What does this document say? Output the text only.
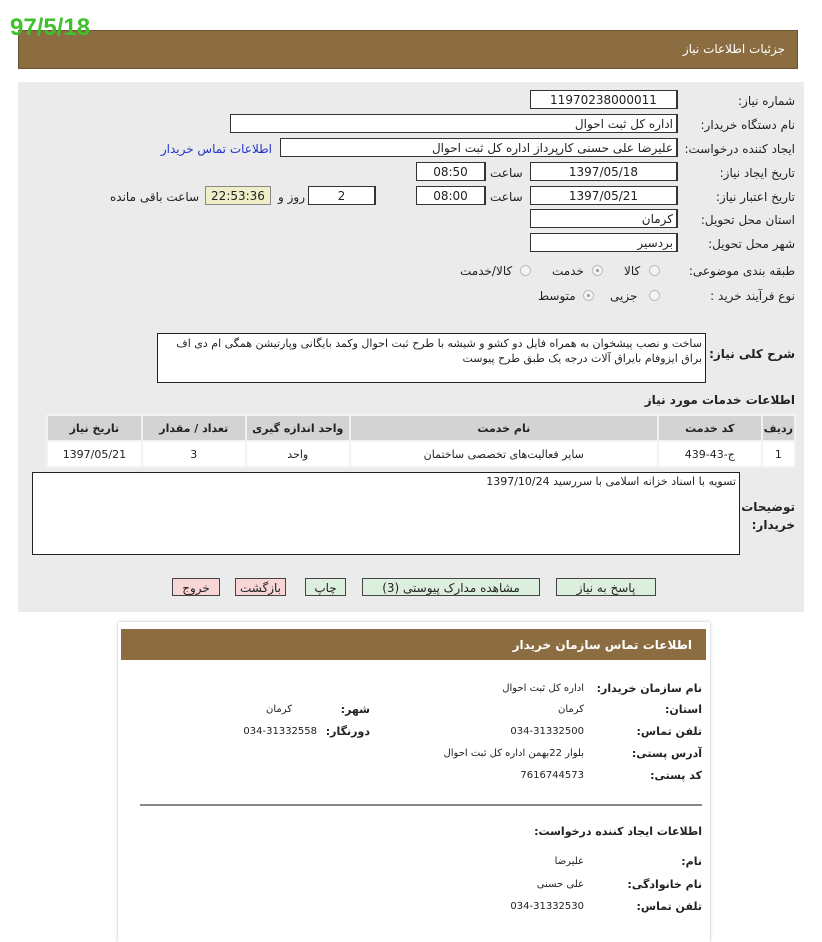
جزئیات اطلاعات نیاز
97/5/18
شماره نیاز:
11970238000011
نام دستگاه خریدار:
اداره کل ثبت احوال
ایجاد کننده درخواست:
علیرضا علی حسنی کارپرداز اداره کل ثبت احوال
اطلاعات تماس خریدار
تاریخ ایجاد نیاز:
1397/05/18
ساعت
08:50
تاریخ اعتبار نیاز:
1397/05/21
ساعت
08:00
2
روز و
22:53:36
ساعت باقی مانده
استان محل تحویل:
کرمان
شهر محل تحویل:
بردسیر
طبقه بندی موضوعی:
کالا
خدمت
کالا/خدمت
نوع فرآیند خرید :
جزیی
متوسط
شرح کلی نیاز:
ساخت و نصب پیشخوان به همراه فایل دو کشو و شیشه با طرح ثبت احوال وکمد بایگانی وپارتیشن همگی ام دی اف براق ایزوفام بایراق آلات درجه یک طبق طرح پیوست
اطلاعات خدمات مورد نیاز
ردیف	کد خدمت	نام خدمت	واحد اندازه گیری	تعداد / مقدار	تاریخ نیاز
1	ج-43-439	سایر فعالیت‌های تخصصی ساختمان	واحد	3	1397/05/21
توضیحات خریدار:
تسویه با اسناد خزانه اسلامی با سررسید 1397/10/24
پاسخ به نیاز
مشاهده مدارک پیوستی (3)
چاپ
بازگشت
خروج
اطلاعات تماس سازمان خریدار
نام سازمان خریدار:
اداره کل ثبت احوال
استان:
کرمان
شهر:
کرمان
تلفن تماس:
034-31332500
دورنگار:
034-31332558
آدرس پستی:
بلوار 22بهمن اداره کل ثبت احوال
کد پستی:
7616744573
اطلاعات ایجاد کننده درخواست:
نام:
علیرضا
نام خانوادگی:
علی حسنی
تلفن تماس:
034-31332530
